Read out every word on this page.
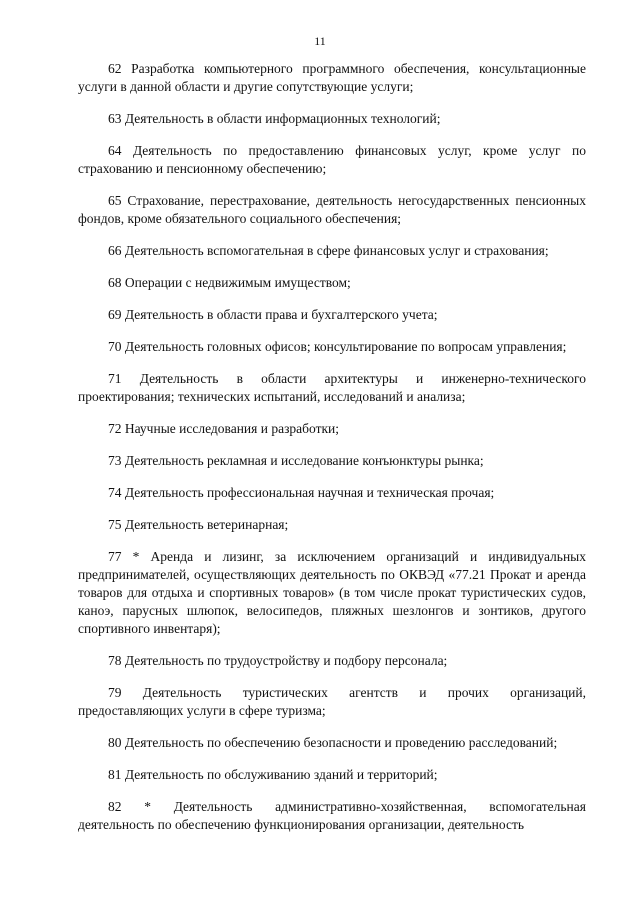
11

62 Разработка компьютерного программного обеспечения, консультационные услуги в данной области и другие сопутствующие услуги;

63 Деятельность в области информационных технологий;

64 Деятельность по предоставлению финансовых услуг, кроме услуг по страхованию и пенсионному обеспечению;

65 Страхование, перестрахование, деятельность негосударственных пенсионных фондов, кроме обязательного социального обеспечения;

66 Деятельность вспомогательная в сфере финансовых услуг и страхования;

68 Операции с недвижимым имуществом;

69 Деятельность в области права и бухгалтерского учета;

70 Деятельность головных офисов; консультирование по вопросам управления;

71 Деятельность в области архитектуры и инженерно-технического проектирования; технических испытаний, исследований и анализа;

72 Научные исследования и разработки;

73 Деятельность рекламная и исследование конъюнктуры рынка;

74 Деятельность профессиональная научная и техническая прочая;

75 Деятельность ветеринарная;

77 * Аренда и лизинг, за исключением организаций и индивидуальных предпринимателей, осуществляющих деятельность по ОКВЭД «77.21 Прокат и аренда товаров для отдыха и спортивных товаров» (в том числе прокат туристических судов, каноэ, парусных шлюпок, велосипедов, пляжных шезлонгов и зонтиков, другого спортивного инвентаря);

78 Деятельность по трудоустройству и подбору персонала;

79 Деятельность туристических агентств и прочих организаций, предоставляющих услуги в сфере туризма;

80 Деятельность по обеспечению безопасности и проведению расследований;

81 Деятельность по обслуживанию зданий и территорий;

82 * Деятельность административно-хозяйственная, вспомогательная деятельность по обеспечению функционирования организации, деятельность
